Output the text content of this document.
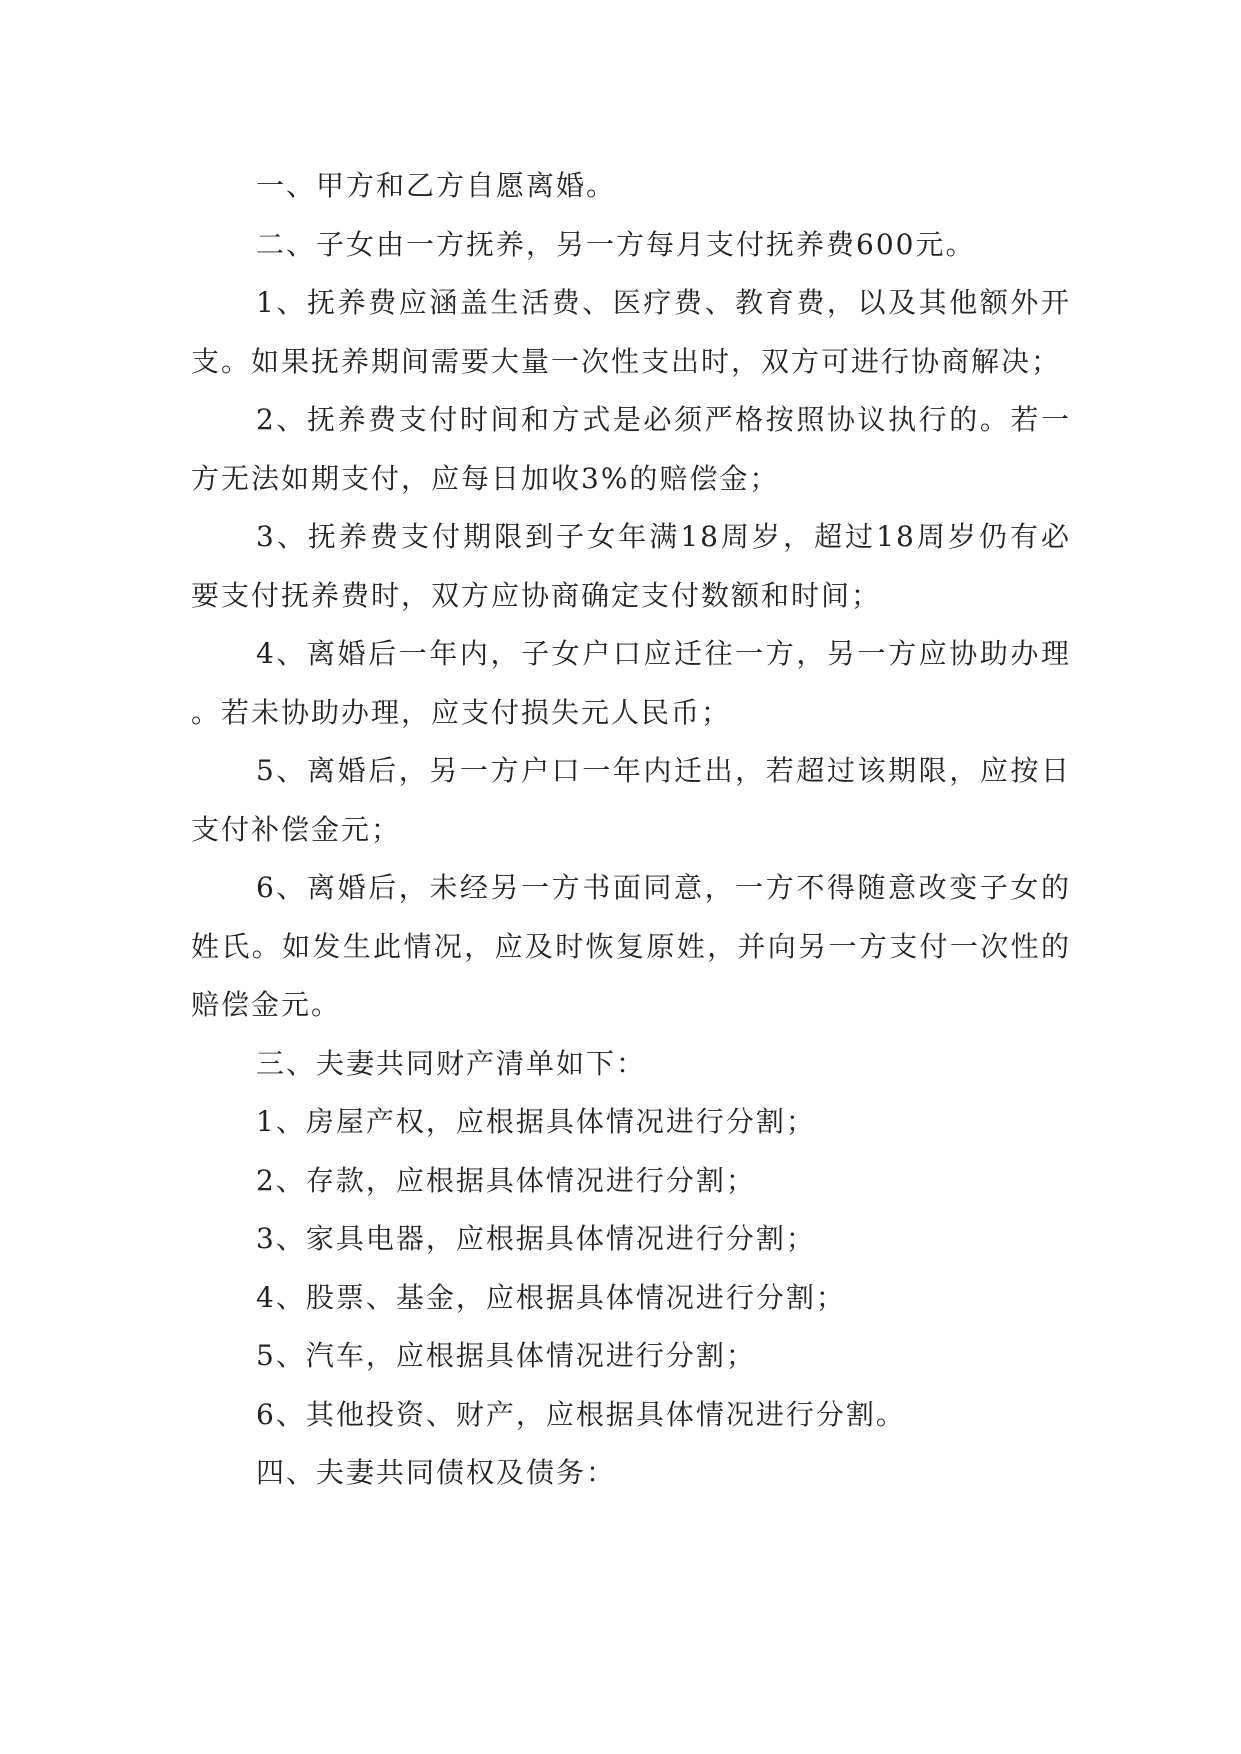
一、甲方和乙方自愿离婚。

二、子女由一方抚养，另一方每月支付抚养费600元。

1、抚养费应涵盖生活费、医疗费、教育费，以及其他额外开支。如果抚养期间需要大量一次性支出时，双方可进行协商解决；

2、抚养费支付时间和方式是必须严格按照协议执行的。若一方无法如期支付，应每日加收3%的赔偿金；

3、抚养费支付期限到子女年满18周岁，超过18周岁仍有必要支付抚养费时，双方应协商确定支付数额和时间；

4、离婚后一年内，子女户口应迁往一方，另一方应协助办理。若未协助办理，应支付损失元人民币；

5、离婚后，另一方户口一年内迁出，若超过该期限，应按日支付补偿金元；

6、离婚后，未经另一方书面同意，一方不得随意改变子女的姓氏。如发生此情况，应及时恢复原姓，并向另一方支付一次性的赔偿金元。

三、夫妻共同财产清单如下：

1、房屋产权，应根据具体情况进行分割；

2、存款，应根据具体情况进行分割；

3、家具电器，应根据具体情况进行分割；

4、股票、基金，应根据具体情况进行分割；

5、汽车，应根据具体情况进行分割；

6、其他投资、财产，应根据具体情况进行分割。

四、夫妻共同债权及债务：
